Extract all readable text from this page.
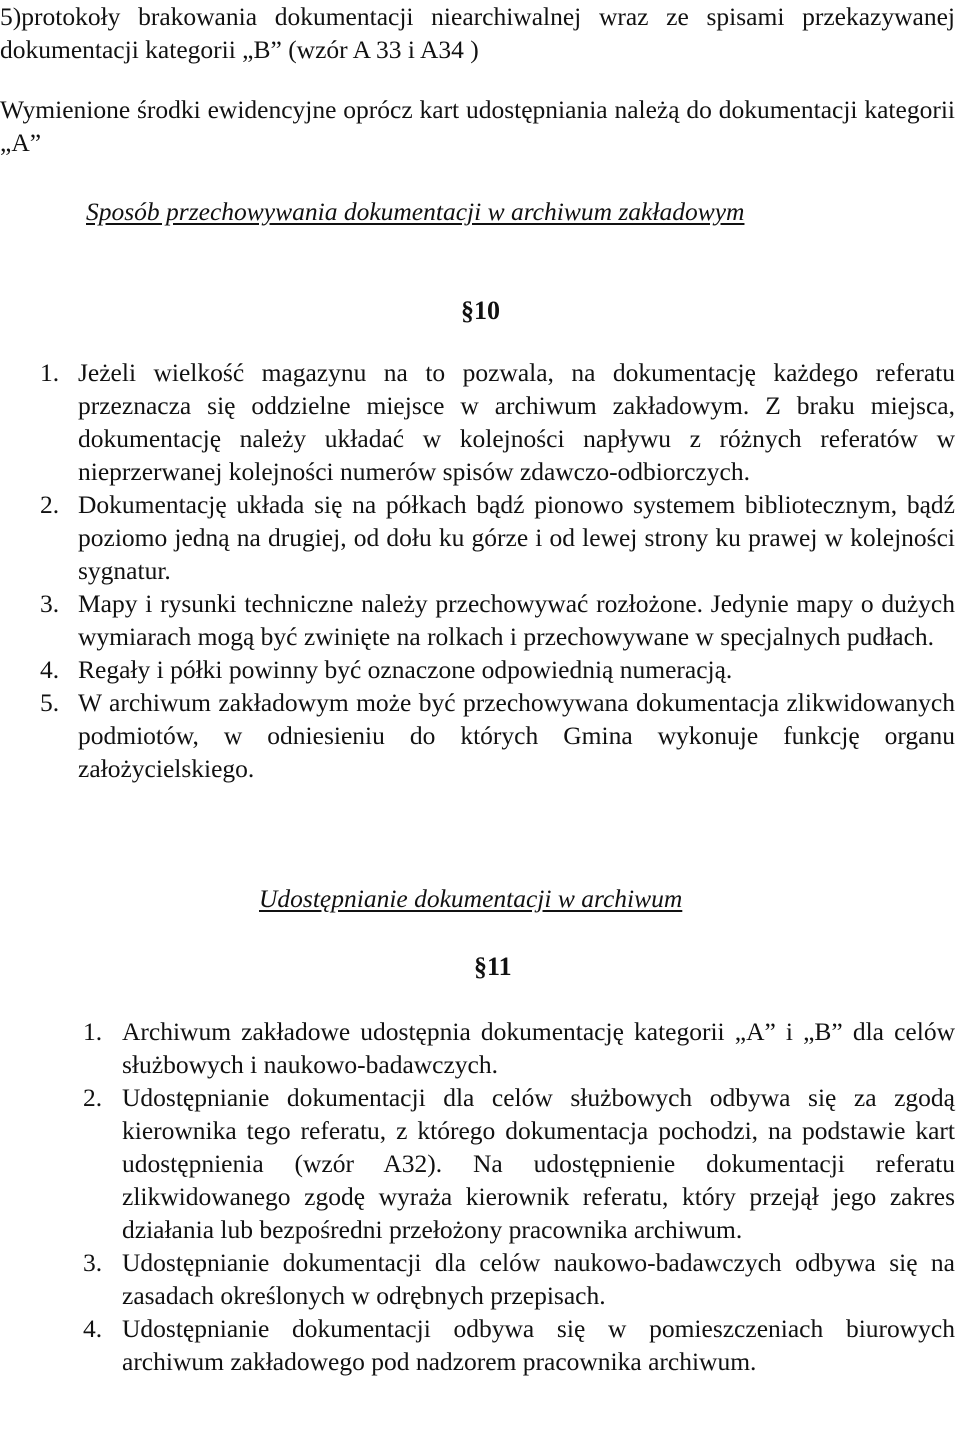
5)protokoły brakowania dokumentacji niearchiwalnej wraz ze spisami przekazywanej dokumentacji kategorii „B” (wzór A 33 i A34 )

Wymienione środki ewidencyjne oprócz kart udostępniania należą do dokumentacji kategorii „A”

Sposób przechowywania dokumentacji w archiwum zakładowym
§10
1. Jeżeli wielkość magazynu na to pozwala, na dokumentację każdego referatu przeznacza się oddzielne miejsce w archiwum zakładowym. Z braku miejsca, dokumentację należy układać w kolejności napływu z różnych referatów w nieprzerwanej kolejności numerów spisów zdawczo-odbiorczych.
2. Dokumentację układa się na półkach bądź pionowo systemem bibliotecznym, bądź poziomo jedną na drugiej, od dołu ku górze i od lewej strony ku prawej w kolejności sygnatur.
3. Mapy i rysunki techniczne należy przechowywać rozłożone. Jedynie mapy o dużych wymiarach mogą być zwinięte na rolkach i przechowywane w specjalnych pudłach.
4. Regały i półki powinny być oznaczone odpowiednią numeracją.
5. W archiwum zakładowym może być przechowywana dokumentacja zlikwidowanych podmiotów, w odniesieniu do których Gmina wykonuje funkcję organu założycielskiego.
Udostępnianie dokumentacji w archiwum
§11
1. Archiwum zakładowe udostępnia dokumentację kategorii „A” i „B” dla celów służbowych i naukowo-badawczych.
2. Udostępnianie dokumentacji dla celów służbowych odbywa się za zgodą kierownika tego referatu, z którego dokumentacja pochodzi, na podstawie kart udostępnienia (wzór A32). Na udostępnienie dokumentacji referatu zlikwidowanego zgodę wyraża kierownik referatu, który przejął jego zakres działania lub bezpośredni przełożony pracownika archiwum.
3. Udostępnianie dokumentacji dla celów naukowo-badawczych odbywa się na zasadach określonych w odrębnych przepisach.
4. Udostępnianie dokumentacji odbywa się w pomieszczeniach biurowych archiwum zakładowego pod nadzorem pracownika archiwum.
